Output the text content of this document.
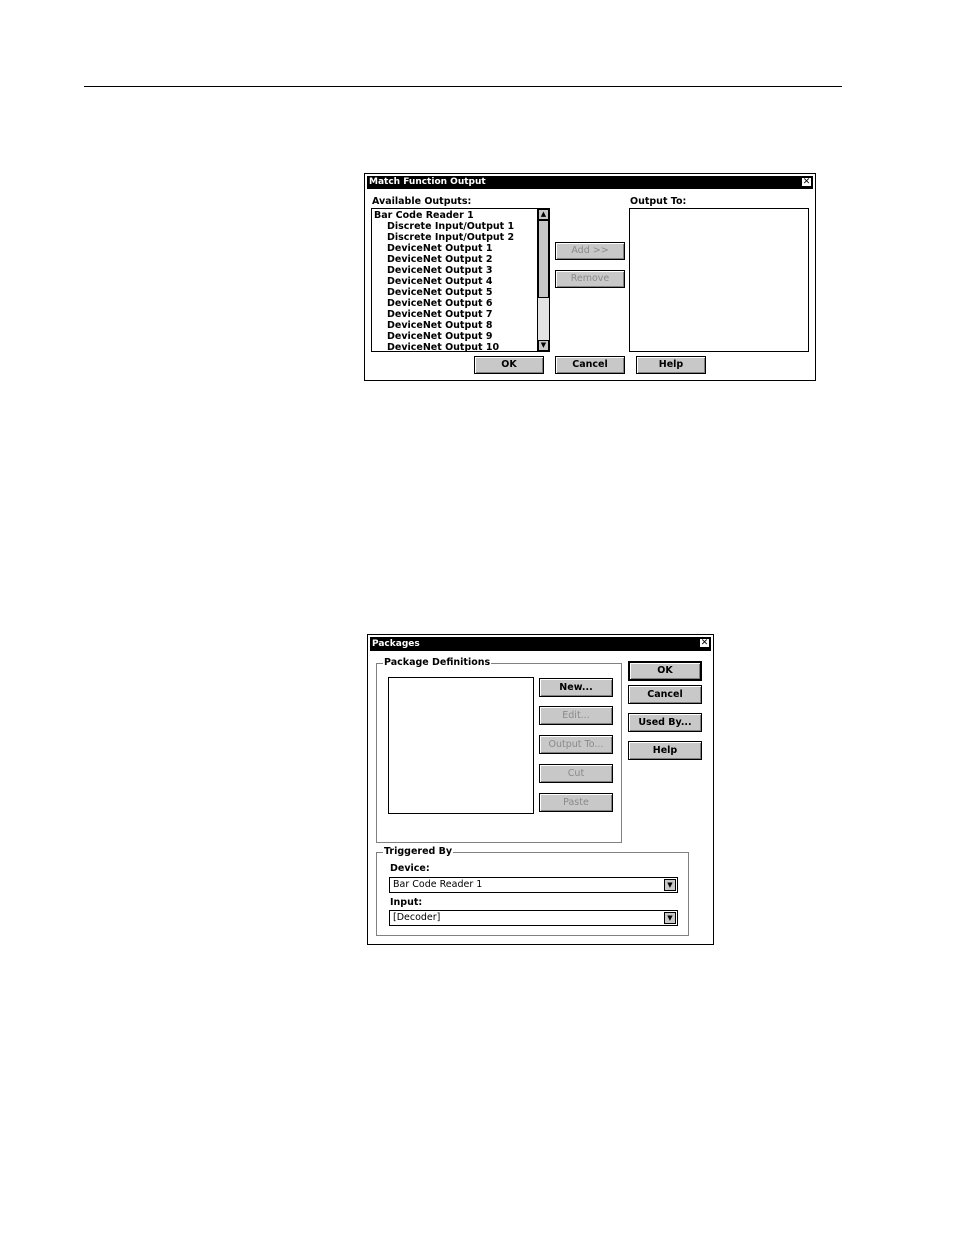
Match Function Output	✕
Available Outputs:	Output To:
Bar Code Reader 1
Discrete Input/Output 1
Discrete Input/Output 2
DeviceNet Output 1
DeviceNet Output 2
DeviceNet Output 3
DeviceNet Output 4
DeviceNet Output 5
DeviceNet Output 6
DeviceNet Output 7
DeviceNet Output 8
DeviceNet Output 9
DeviceNet Output 10
▲
▼
Add >>
Remove
OK	Cancel	Help
Packages	✕
Package Definitions
New...
Edit...
Output To...
Cut
Paste
OK
Cancel
Used By...
Help
Triggered By
Device:
Bar Code Reader 1	▼
Input:
[Decoder]	▼
